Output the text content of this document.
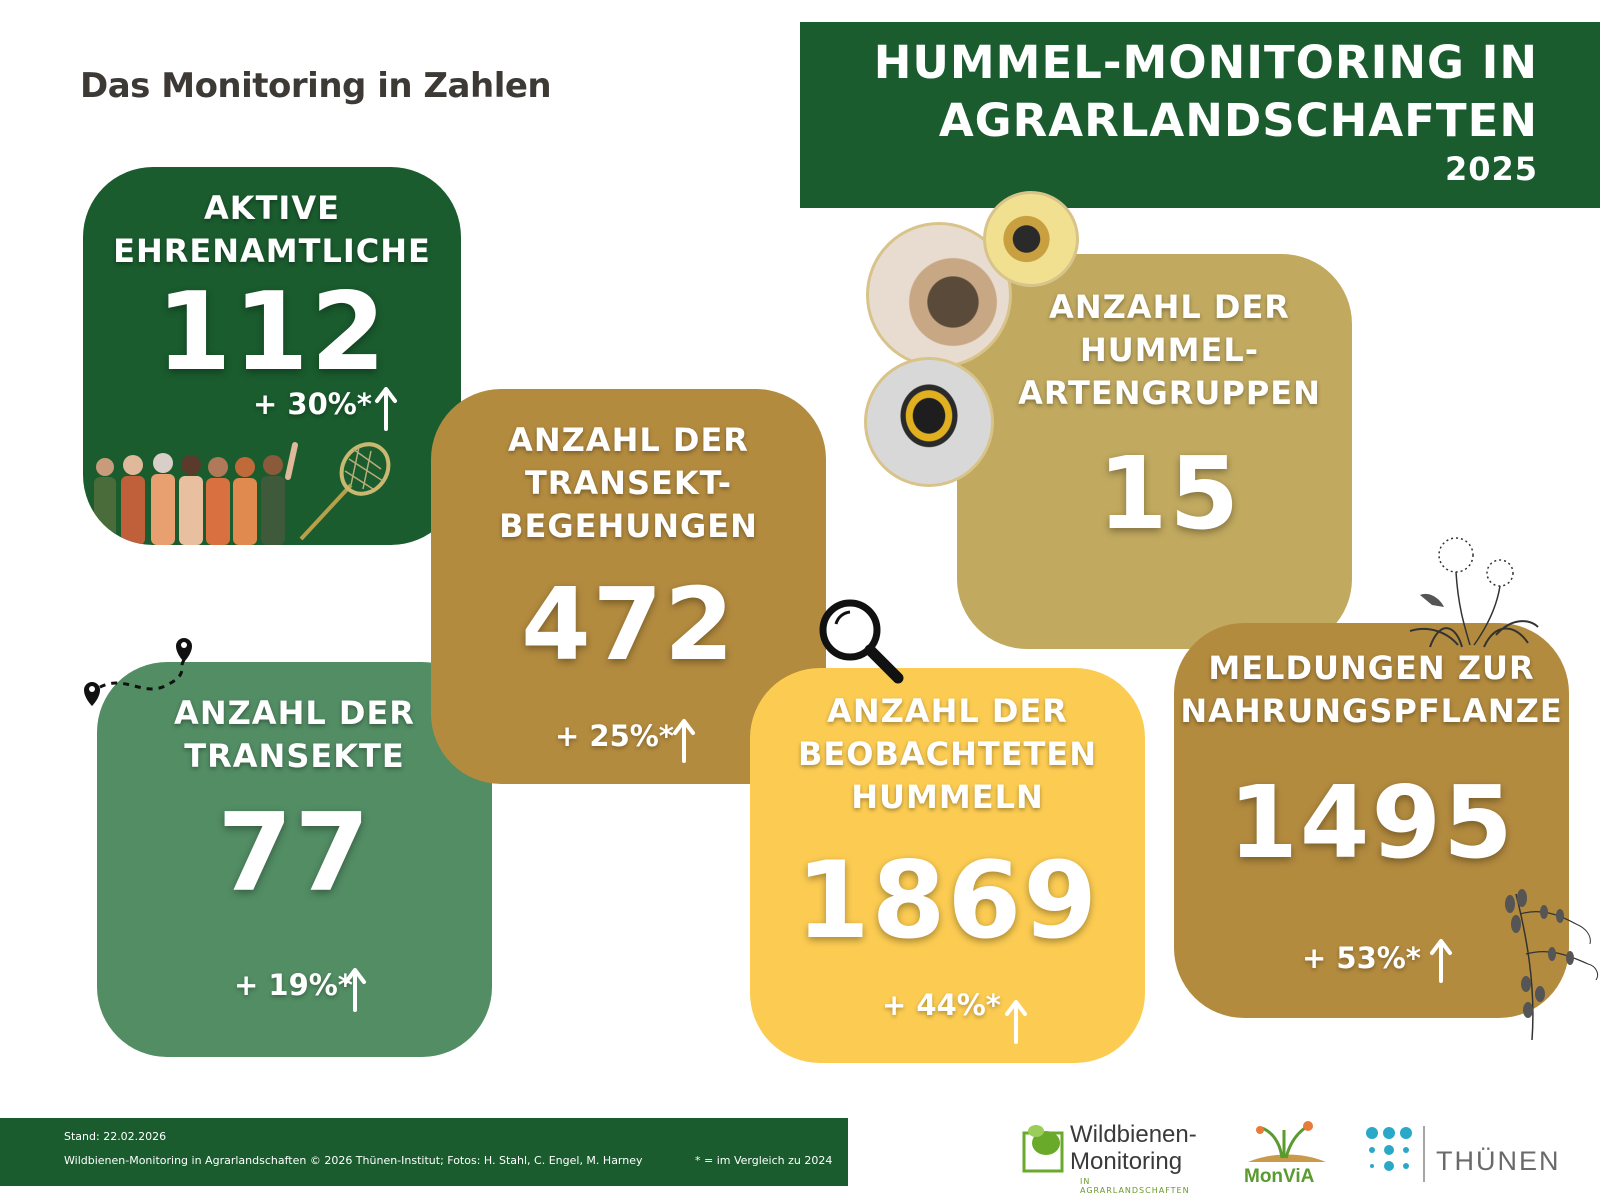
Das Monitoring in Zahlen	HUMMEL-MONITORING IN
AGRARLANDSCHAFTEN
2025
AKTIVE
EHRENAMTLICHE
112
+ 30%*
ANZAHL DER
TRANSEKTE
77
+ 19%*
ANZAHL DER
TRANSEKT-
BEGEHUNGEN
472
+ 25%*
ANZAHL DER
HUMMEL-
ARTENGRUPPEN
15
ANZAHL DER
BEOBACHTETEN
HUMMELN
1869
+ 44%*
MELDUNGEN ZUR
NAHRUNGSPFLANZE
1495
+ 53%*
Stand: 22.02.2026
Wildbienen-Monitoring in Agrarlandschaften © 2026 Thünen-Institut; Fotos: H. Stahl, C. Engel, M. Harney	* = im Vergleich zu 2024
Wildbienen-
Monitoring
IN AGRARLANDSCHAFTEN
MonViA
THÜNEN
